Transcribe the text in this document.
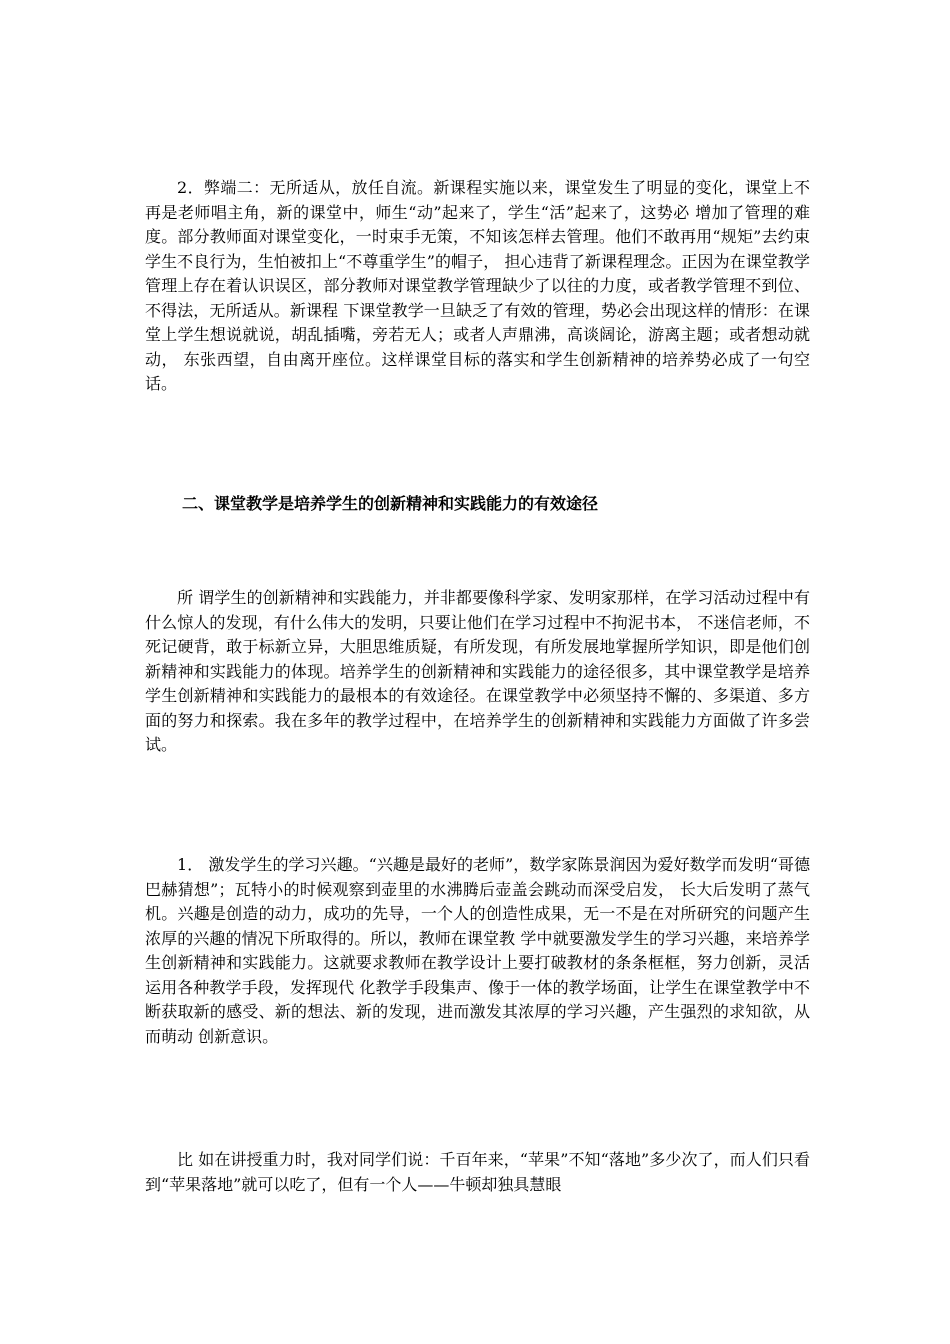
2．弊端二：无所适从，放任自流。新课程实施以来，课堂发生了明显的变化，课堂上不再是老师唱主角，新的课堂中，师生“动”起来了，学生“活”起来了，这势必 增加了管理的难度。部分教师面对课堂变化，一时束手无策，不知该怎样去管理。他们不敢再用“规矩”去约束学生不良行为，生怕被扣上“不尊重学生”的帽子， 担心违背了新课程理念。正因为在课堂教学管理上存在着认识误区，部分教师对课堂教学管理缺少了以往的力度，或者教学管理不到位、不得法，无所适从。新课程 下课堂教学一旦缺乏了有效的管理，势必会出现这样的情形：在课堂上学生想说就说，胡乱插嘴，旁若无人；或者人声鼎沸，高谈阔论，游离主题；或者想动就动， 东张西望，自由离开座位。这样课堂目标的落实和学生创新精神的培养势必成了一句空话。

二、课堂教学是培养学生的创新精神和实践能力的有效途径

所 谓学生的创新精神和实践能力，并非都要像科学家、发明家那样，在学习活动过程中有什么惊人的发现，有什么伟大的发明，只要让他们在学习过程中不拘泥书本， 不迷信老师，不死记硬背，敢于标新立异，大胆思维质疑，有所发现，有所发展地掌握所学知识，即是他们创新精神和实践能力的体现。培养学生的创新精神和实践能力的途径很多，其中课堂教学是培养学生创新精神和实践能力的最根本的有效途径。在课堂教学中必须坚持不懈的、多渠道、多方面的努力和探索。我在多年的教学过程中，在培养学生的创新精神和实践能力方面做了许多尝试。

1． 激发学生的学习兴趣。“兴趣是最好的老师”，数学家陈景润因为爱好数学而发明“哥德巴赫猜想”；瓦特小的时候观察到壶里的水沸腾后壶盖会跳动而深受启发， 长大后发明了蒸气机。兴趣是创造的动力，成功的先导，一个人的创造性成果，无一不是在对所研究的问题产生浓厚的兴趣的情况下所取得的。所以，教师在课堂教 学中就要激发学生的学习兴趣，来培养学生创新精神和实践能力。这就要求教师在教学设计上要打破教材的条条框框，努力创新，灵活运用各种教学手段，发挥现代 化教学手段集声、像于一体的教学场面，让学生在课堂教学中不断获取新的感受、新的想法、新的发现，进而激发其浓厚的学习兴趣，产生强烈的求知欲，从而萌动 创新意识。

比 如在讲授重力时，我对同学们说：千百年来，“苹果”不知“落地”多少次了，而人们只看到“苹果落地”就可以吃了，但有一个人——牛顿却独具慧眼
